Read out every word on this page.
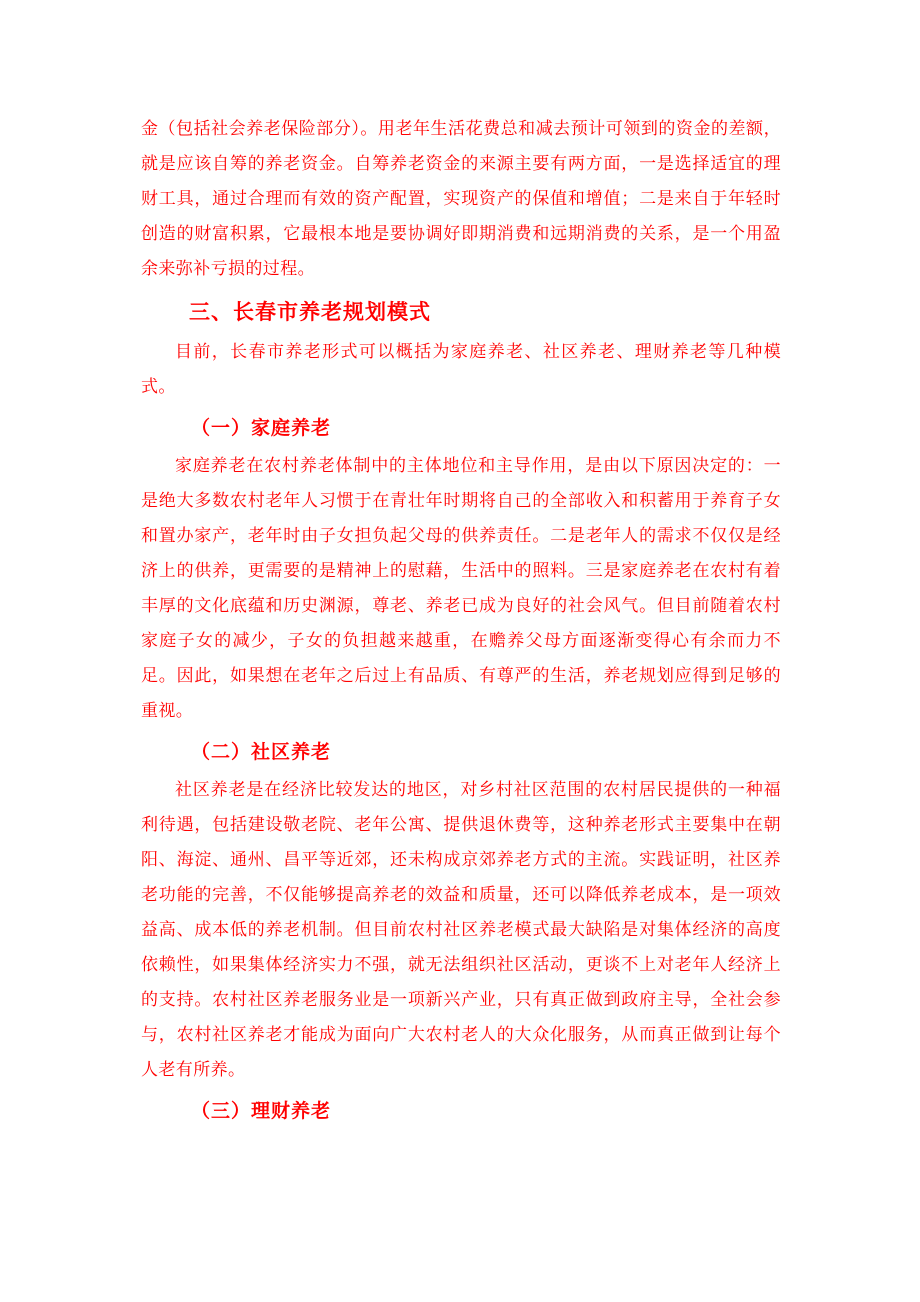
金（包括社会养老保险部分）。用老年生活花费总和减去预计可领到的资金的差额，就是应该自筹的养老资金。自筹养老资金的来源主要有两方面，一是选择适宜的理财工具，通过合理而有效的资产配置，实现资产的保值和增值；二是来自于年轻时创造的财富积累，它最根本地是要协调好即期消费和远期消费的关系，是一个用盈余来弥补亏损的过程。

三、长春市养老规划模式

目前，长春市养老形式可以概括为家庭养老、社区养老、理财养老等几种模式。

（一）家庭养老

家庭养老在农村养老体制中的主体地位和主导作用，是由以下原因决定的：一是绝大多数农村老年人习惯于在青壮年时期将自己的全部收入和积蓄用于养育子女和置办家产，老年时由子女担负起父母的供养责任。二是老年人的需求不仅仅是经济上的供养，更需要的是精神上的慰藉，生活中的照料。三是家庭养老在农村有着丰厚的文化底蕴和历史渊源，尊老、养老已成为良好的社会风气。但目前随着农村家庭子女的减少，子女的负担越来越重，在赡养父母方面逐渐变得心有余而力不足。因此，如果想在老年之后过上有品质、有尊严的生活，养老规划应得到足够的重视。

（二）社区养老

社区养老是在经济比较发达的地区，对乡村社区范围的农村居民提供的一种福利待遇，包括建设敬老院、老年公寓、提供退休费等，这种养老形式主要集中在朝阳、海淀、通州、昌平等近郊，还未构成京郊养老方式的主流。实践证明，社区养老功能的完善，不仅能够提高养老的效益和质量，还可以降低养老成本，是一项效益高、成本低的养老机制。但目前农村社区养老模式最大缺陷是对集体经济的高度依赖性，如果集体经济实力不强，就无法组织社区活动，更谈不上对老年人经济上的支持。农村社区养老服务业是一项新兴产业，只有真正做到政府主导，全社会参与，农村社区养老才能成为面向广大农村老人的大众化服务，从而真正做到让每个人老有所养。

（三）理财养老
